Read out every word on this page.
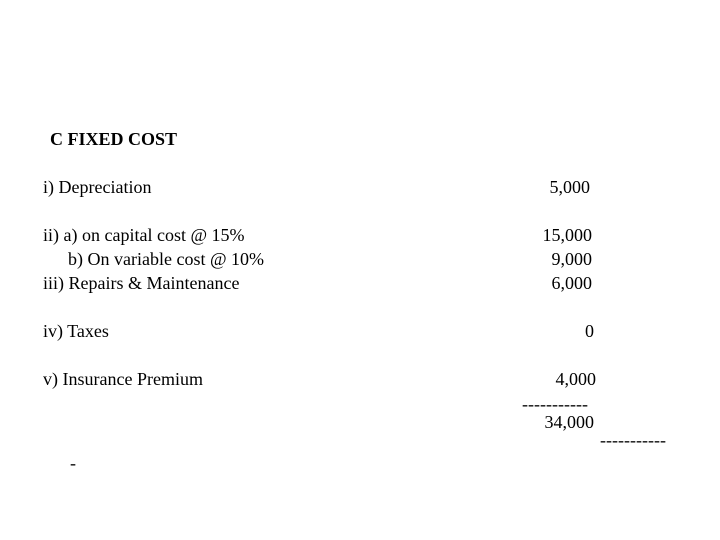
C FIXED COST
i) Depreciation	5,000
ii) a) on capital cost @ 15%	15,000
b) On variable cost @ 10%	9,000
iii) Repairs & Maintenance	6,000
iv) Taxes	0
v) Insurance Premium	4,000
-----------
34,000
-----------
-
